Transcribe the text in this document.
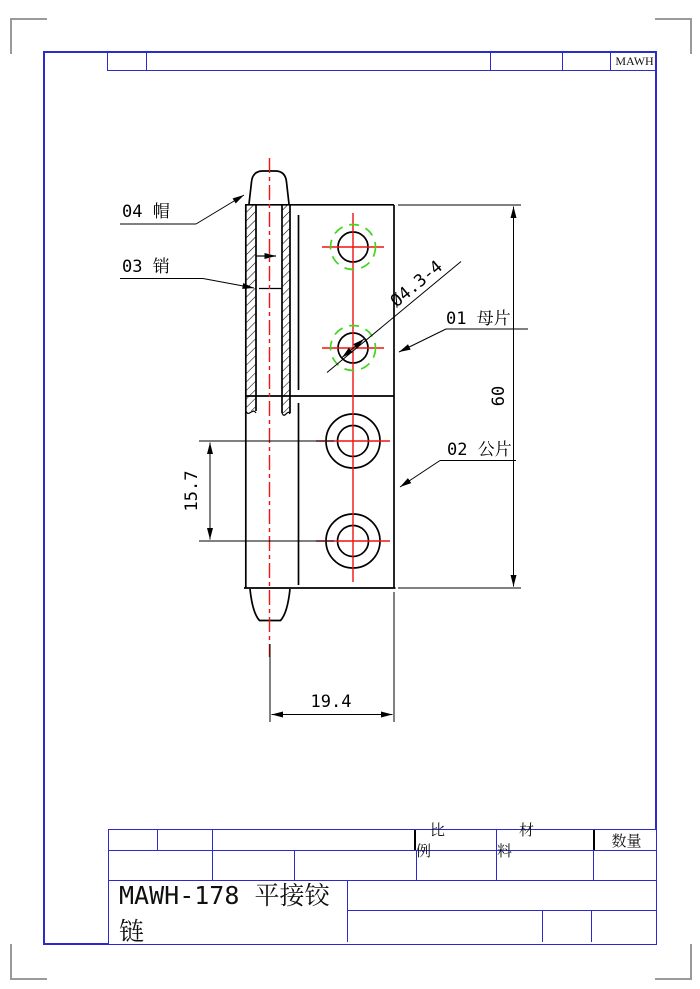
MAWH
04 帽
03 销
01 母片
02 公片
Ø4.3-4
60
15.7
19.4
比 例
材 料
数量
MAWH-178 平接铰链
